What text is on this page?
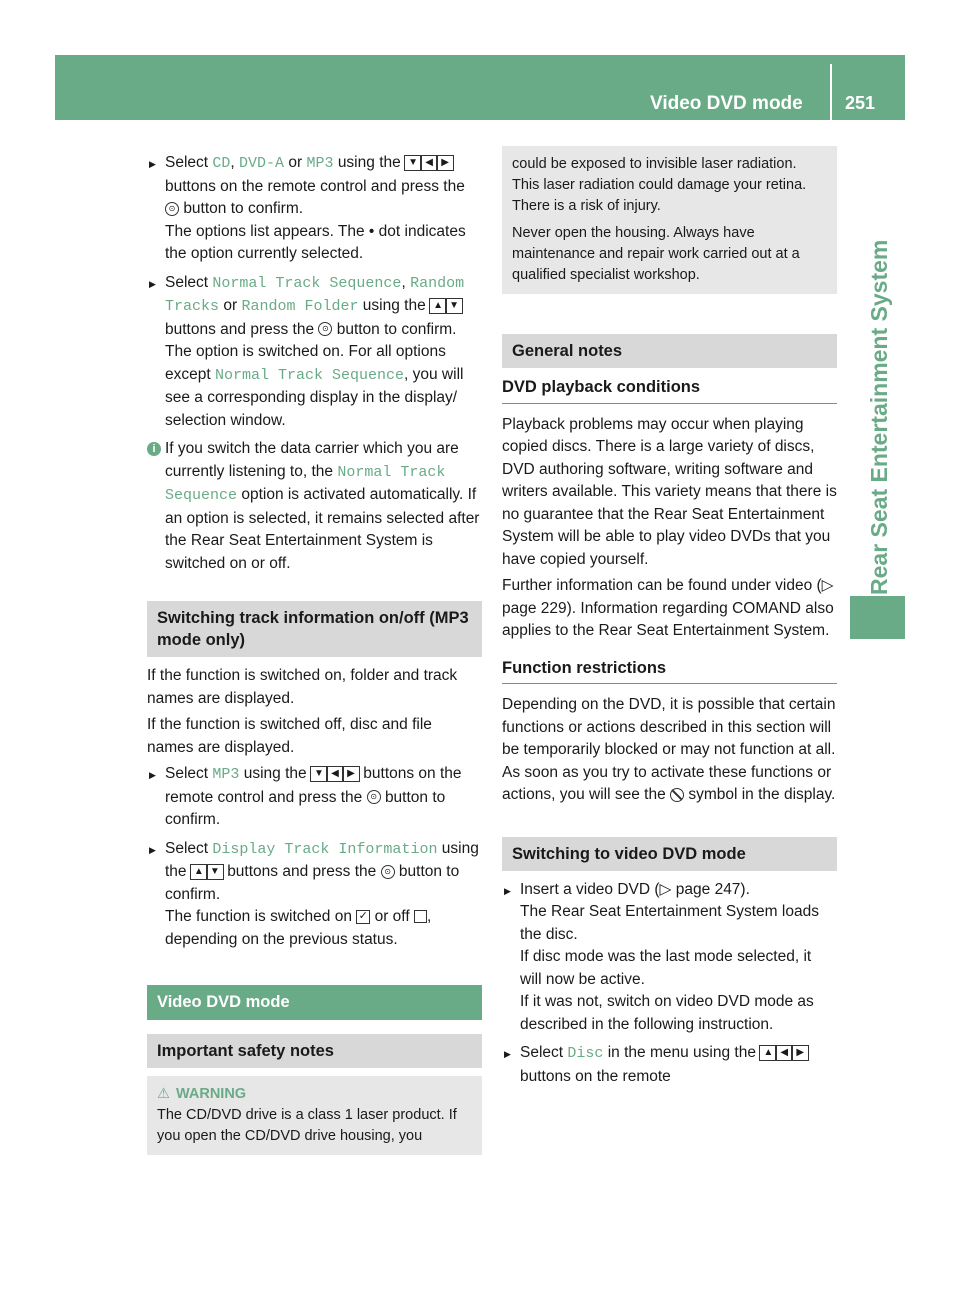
Video DVD mode 251
Rear Seat Entertainment System
▶ Select CD, DVD-A or MP3 using the ▼ ◀ ▶ buttons on the remote control and press the ⊙ button to confirm.
The options list appears. The • dot indicates the option currently selected.
▶ Select Normal Track Sequence, Random Tracks or Random Folder using the ▲ ▼ buttons and press the ⊙ button to confirm.
The option is switched on. For all options except Normal Track Sequence, you will see a corresponding display in the display/ selection window.
i If you switch the data carrier which you are currently listening to, the Normal Track Sequence option is activated automatically. If an option is selected, it remains selected after the Rear Seat Entertainment System is switched on or off.
Switching track information on/off (MP3 mode only)

If the function is switched on, folder and track names are displayed.

If the function is switched off, disc and file names are displayed.

▶ Select MP3 using the ▼ ◀ ▶ buttons on the remote control and press the ⊙ button to confirm.
▶ Select Display Track Information using the ▲ ▼ buttons and press the ⊙ button to confirm.
The function is switched on ✓ or off , depending on the previous status.
Video DVD mode
Important safety notes
⚠ WARNING
The CD/DVD drive is a class 1 laser product. If you open the CD/DVD drive housing, you

could be exposed to invisible laser radiation. This laser radiation could damage your retina. There is a risk of injury.

Never open the housing. Always have maintenance and repair work carried out at a qualified specialist workshop.

General notes
DVD playback conditions

Playback problems may occur when playing copied discs. There is a large variety of discs, DVD authoring software, writing software and writers available. This variety means that there is no guarantee that the Rear Seat Entertainment System will be able to play video DVDs that you have copied yourself.

Further information can be found under video (▷ page 229). Information regarding COMAND also applies to the Rear Seat Entertainment System.

Function restrictions

Depending on the DVD, it is possible that certain functions or actions described in this section will be temporarily blocked or may not function at all. As soon as you try to activate these functions or actions, you will see the symbol in the display.

Switching to video DVD mode
▶ Insert a video DVD (▷ page 247).
The Rear Seat Entertainment System loads the disc.
If disc mode was the last mode selected, it will now be active.
If it was not, switch on video DVD mode as described in the following instruction.
▶ Select Disc in the menu using the ▲ ◀ ▶ buttons on the remote
